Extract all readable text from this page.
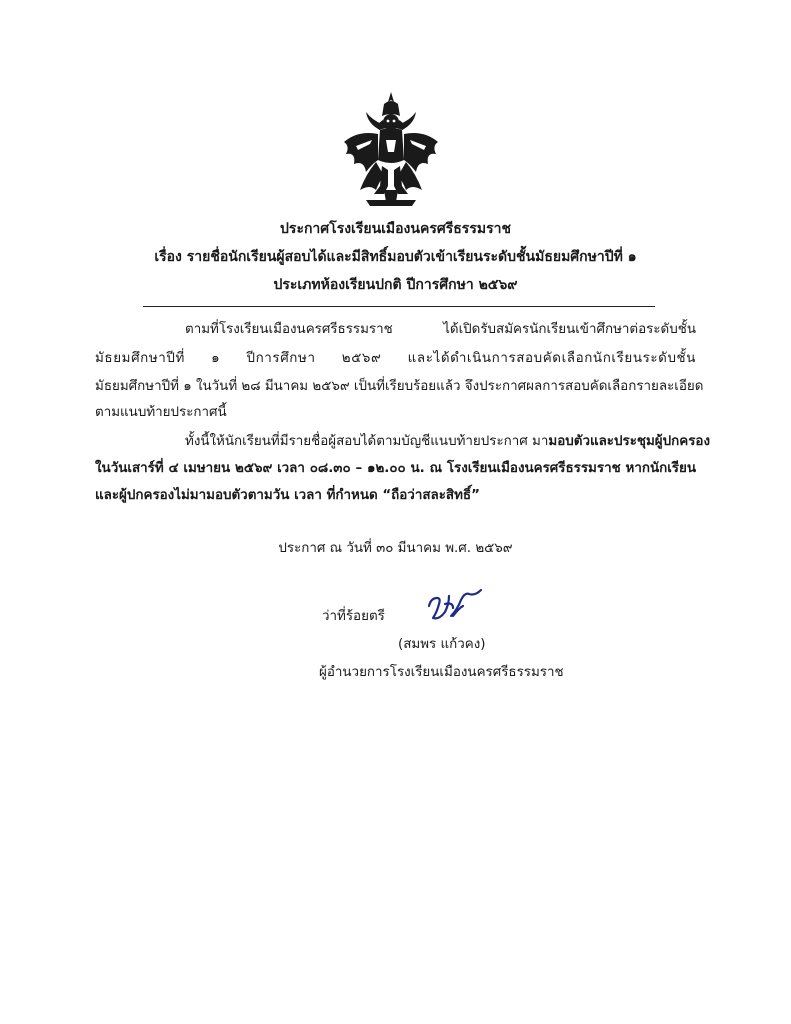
ประกาศโรงเรียนเมืองนครศรีธรรมราช
เรื่อง รายชื่อนักเรียนผู้สอบได้และมีสิทธิ์มอบตัวเข้าเรียนระดับชั้นมัธยมศึกษาปีที่ ๑
ประเภทห้องเรียนปกติ ปีการศึกษา ๒๕๖๙
ตามที่โรงเรียนเมืองนครศรีธรรมราช ได้เปิดรับสมัครนักเรียนเข้าศึกษาต่อระดับชั้น
มัธยมศึกษาปีที่ ๑ ปีการศึกษา ๒๕๖๙ และได้ดำเนินการสอบคัดเลือกนักเรียนระดับชั้น
มัธยมศึกษาปีที่ ๑ ในวันที่ ๒๘ มีนาคม ๒๕๖๙ เป็นที่เรียบร้อยแล้ว จึงประกาศผลการสอบคัดเลือกรายละเอียด
ตามแนบท้ายประกาศนี้
ทั้งนี้ให้นักเรียนที่มีรายชื่อผู้สอบได้ตามบัญชีแนบท้ายประกาศ มามอบตัวและประชุมผู้ปกครอง
ในวันเสาร์ที่ ๔ เมษายน ๒๕๖๙ เวลา ๐๘.๓๐ – ๑๒.๐๐ น. ณ โรงเรียนเมืองนครศรีธรรมราช หากนักเรียน
และผู้ปกครองไม่มามอบตัวตามวัน เวลา ที่กำหนด “ถือว่าสละสิทธิ์”
ประกาศ ณ วันที่ ๓๐ มีนาคม พ.ศ. ๒๕๖๙
ว่าที่ร้อยตรี
(สมพร แก้วคง)
ผู้อำนวยการโรงเรียนเมืองนครศรีธรรมราช
